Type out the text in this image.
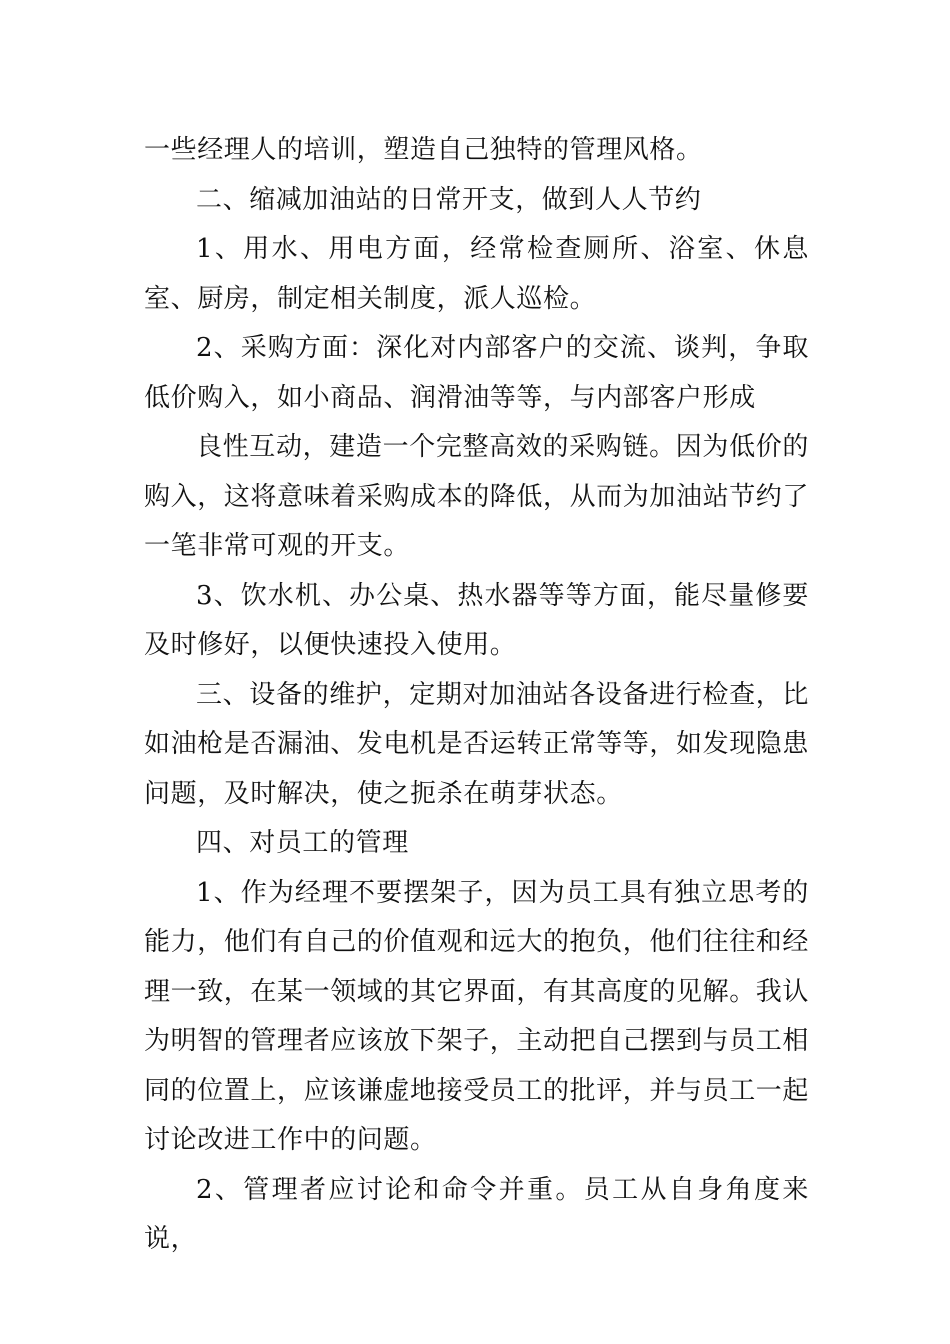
一些经理人的培训，塑造自己独特的管理风格。

二、缩减加油站的日常开支，做到人人节约

1、用水、用电方面，经常检查厕所、浴室、休息室、厨房，制定相关制度，派人巡检。

2、采购方面：深化对内部客户的交流、谈判，争取低价购入，如小商品、润滑油等等，与内部客户形成

良性互动，建造一个完整高效的采购链。因为低价的购入，这将意味着采购成本的降低，从而为加油站节约了一笔非常可观的开支。

3、饮水机、办公桌、热水器等等方面，能尽量修要及时修好，以便快速投入使用。

三、设备的维护，定期对加油站各设备进行检查，比如油枪是否漏油、发电机是否运转正常等等，如发现隐患问题，及时解决，使之扼杀在萌芽状态。

四、对员工的管理

1、作为经理不要摆架子，因为员工具有独立思考的能力，他们有自己的价值观和远大的抱负，他们往往和经理一致，在某一领域的其它界面，有其高度的见解。我认为明智的管理者应该放下架子，主动把自己摆到与员工相同的位置上，应该谦虚地接受员工的批评，并与员工一起讨论改进工作中的问题。

2、管理者应讨论和命令并重。员工从自身角度来说，
